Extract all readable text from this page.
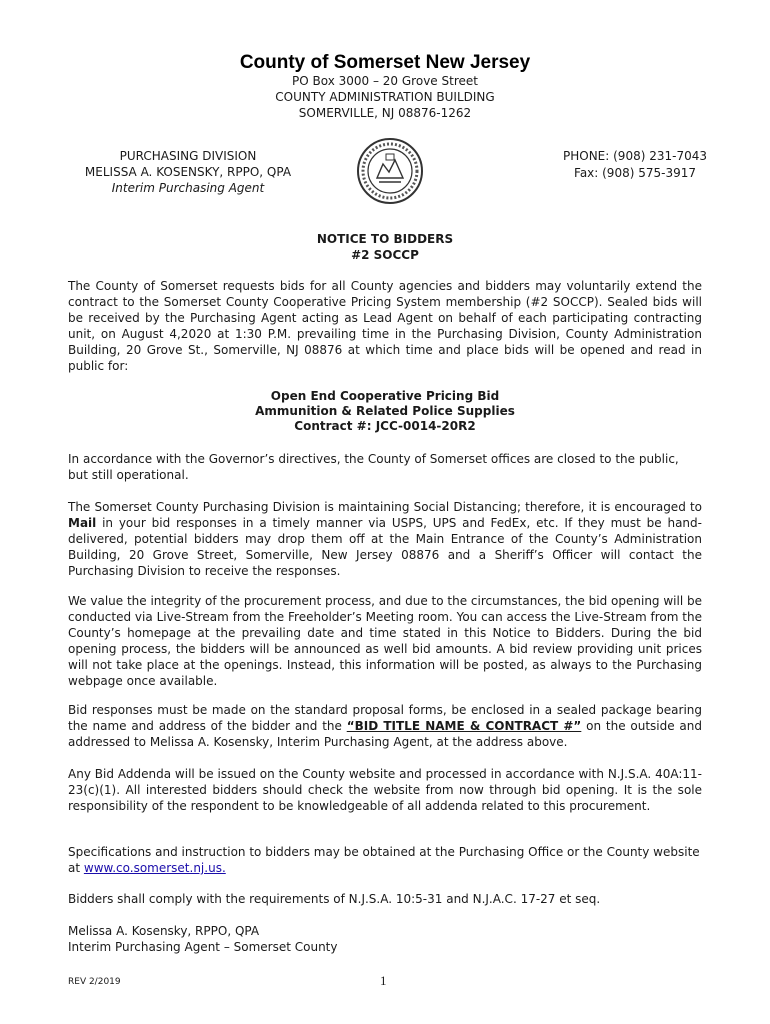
County of Somerset New Jersey
PO Box 3000 – 20 Grove Street
COUNTY ADMINISTRATION BUILDING
SOMERVILLE, NJ 08876-1262
PURCHASING DIVISION
MELISSA A. KOSENSKY, RPPO, QPA
Interim Purchasing Agent
PHONE: (908) 231-7043
Fax: (908) 575-3917
NOTICE TO BIDDERS
#2 SOCCP

The County of Somerset requests bids for all County agencies and bidders may voluntarily extend the contract to the Somerset County Cooperative Pricing System membership (#2 SOCCP). Sealed bids will be received by the Purchasing Agent acting as Lead Agent on behalf of each participating contracting unit, on August 4,2020 at 1:30 P.M. prevailing time in the Purchasing Division, County Administration Building, 20 Grove St., Somerville, NJ 08876 at which time and place bids will be opened and read in public for:

Open End Cooperative Pricing Bid
Ammunition & Related Police Supplies
Contract #: JCC-0014-20R2

In accordance with the Governor’s directives, the County of Somerset offices are closed to the public, but still operational.

The Somerset County Purchasing Division is maintaining Social Distancing; therefore, it is encouraged to Mail in your bid responses in a timely manner via USPS, UPS and FedEx, etc. If they must be hand-delivered, potential bidders may drop them off at the Main Entrance of the County’s Administration Building, 20 Grove Street, Somerville, New Jersey 08876 and a Sheriff’s Officer will contact the Purchasing Division to receive the responses.

We value the integrity of the procurement process, and due to the circumstances, the bid opening will be conducted via Live-Stream from the Freeholder’s Meeting room. You can access the Live-Stream from the County’s homepage at the prevailing date and time stated in this Notice to Bidders. During the bid opening process, the bidders will be announced as well bid amounts. A bid review providing unit prices will not take place at the openings. Instead, this information will be posted, as always to the Purchasing webpage once available.

Bid responses must be made on the standard proposal forms, be enclosed in a sealed package bearing the name and address of the bidder and the “BID TITLE NAME & CONTRACT #” on the outside and addressed to Melissa A. Kosensky, Interim Purchasing Agent, at the address above.

Any Bid Addenda will be issued on the County website and processed in accordance with N.J.S.A. 40A:11-23(c)(1). All interested bidders should check the website from now through bid opening. It is the sole responsibility of the respondent to be knowledgeable of all addenda related to this procurement.

Specifications and instruction to bidders may be obtained at the Purchasing Office or the County website at www.co.somerset.nj.us.

Bidders shall comply with the requirements of N.J.S.A. 10:5-31 and N.J.A.C. 17-27 et seq.
Melissa A. Kosensky, RPPO, QPA
Interim Purchasing Agent – Somerset County
REV 2/2019	1
